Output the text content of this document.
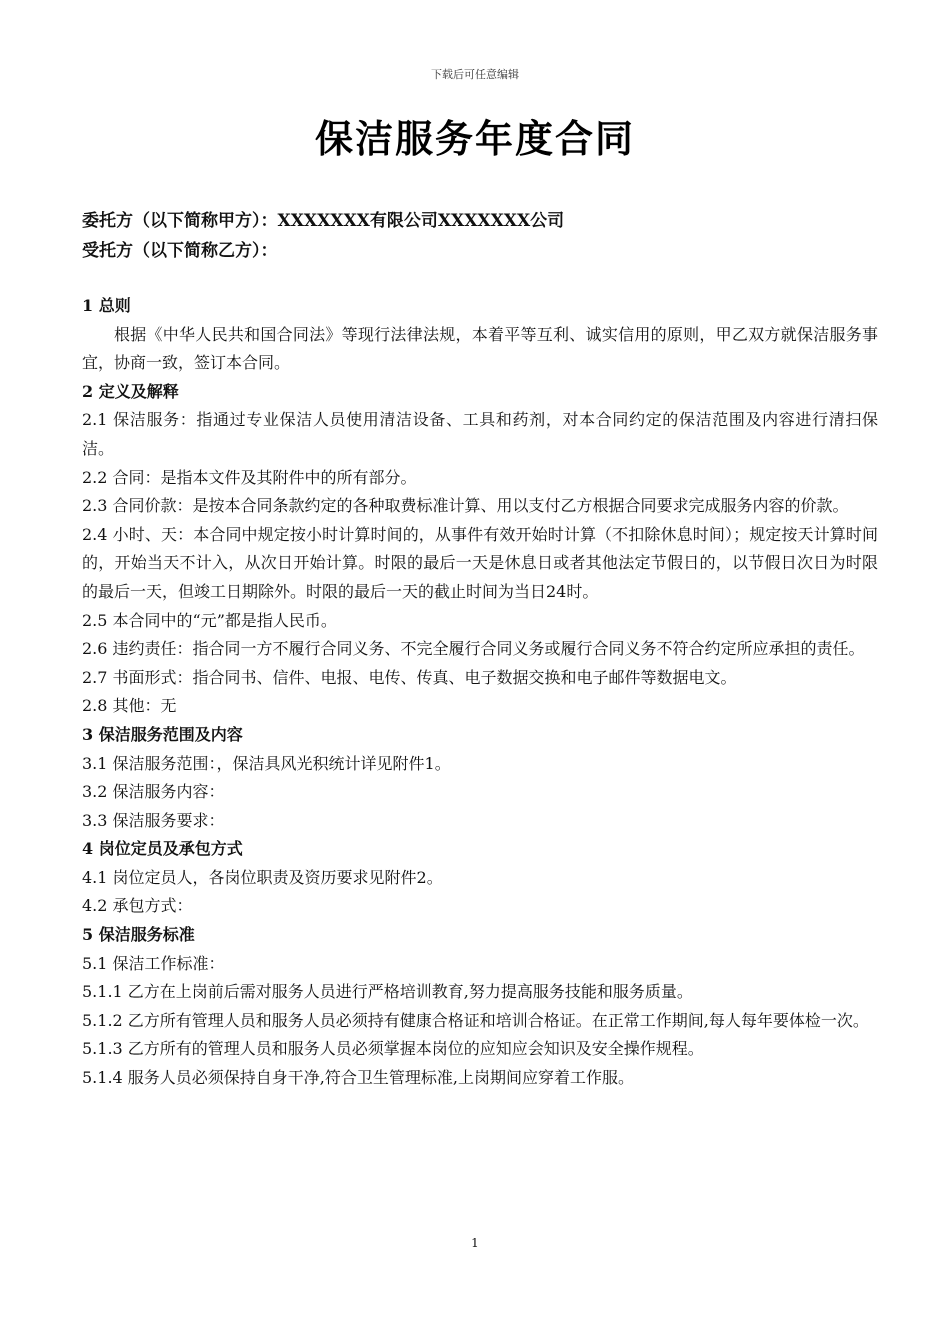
下载后可任意编辑
保洁服务年度合同
委托方（以下简称甲方）：XXXXXXX有限公司XXXXXXX公司
受托方（以下简称乙方）：

1 总则

根据《中华人民共和国合同法》等现行法律法规，本着平等互利、诚实信用的原则，甲乙双方就保洁服务事宜，协商一致，签订本合同。

2 定义及解释

2.1 保洁服务：指通过专业保洁人员使用清洁设备、工具和药剂，对本合同约定的保洁范围及内容进行清扫保洁。

2.2 合同：是指本文件及其附件中的所有部分。

2.3 合同价款：是按本合同条款约定的各种取费标准计算、用以支付乙方根据合同要求完成服务内容的价款。

2.4 小时、天：本合同中规定按小时计算时间的，从事件有效开始时计算（不扣除休息时间）；规定按天计算时间的，开始当天不计入，从次日开始计算。时限的最后一天是休息日或者其他法定节假日的，以节假日次日为时限的最后一天，但竣工日期除外。时限的最后一天的截止时间为当日24时。

2.5 本合同中的“元”都是指人民币。

2.6 违约责任：指合同一方不履行合同义务、不完全履行合同义务或履行合同义务不符合约定所应承担的责任。

2.7 书面形式：指合同书、信件、电报、电传、传真、电子数据交换和电子邮件等数据电文。

2.8 其他：无

3 保洁服务范围及内容

3.1 保洁服务范围：，保洁具风光积统计详见附件1。

3.2 保洁服务内容：

3.3 保洁服务要求：

4 岗位定员及承包方式

4.1 岗位定员人，各岗位职责及资历要求见附件2。

4.2 承包方式：

5 保洁服务标准

5.1 保洁工作标准：

5.1.1 乙方在上岗前后需对服务人员进行严格培训教育,努力提高服务技能和服务质量。

5.1.2 乙方所有管理人员和服务人员必须持有健康合格证和培训合格证。在正常工作期间,每人每年要体检一次。

5.1.3 乙方所有的管理人员和服务人员必须掌握本岗位的应知应会知识及安全操作规程。

5.1.4 服务人员必须保持自身干净,符合卫生管理标准,上岗期间应穿着工作服。

1
